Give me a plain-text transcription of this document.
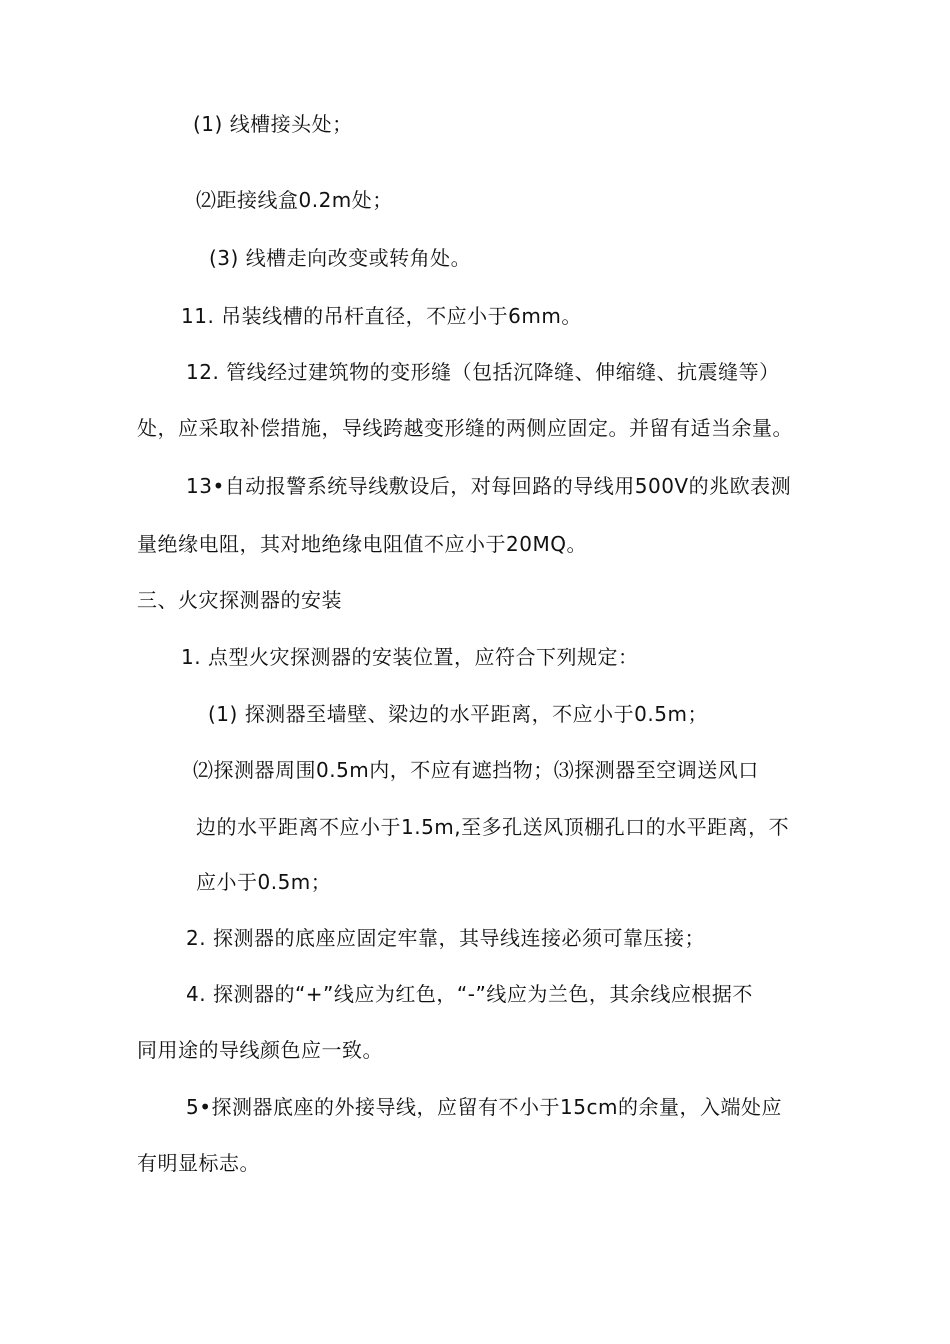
(1) 线槽接头处；
⑵距接线盒0.2m处；
(3) 线槽走向改变或转角处。
11. 吊装线槽的吊杆直径，不应小于6mm。
12. 管线经过建筑物的变形缝（包括沉降缝、伸缩缝、抗震缝等）
处，应采取补偿措施，导线跨越变形缝的两侧应固定。并留有适当余量。
13•自动报警系统导线敷设后，对每回路的导线用500V的兆欧表测
量绝缘电阻，其对地绝缘电阻值不应小于20MQ。
三、火灾探测器的安装
1. 点型火灾探测器的安装位置，应符合下列规定：
(1) 探测器至墙壁、梁边的水平距离，不应小于0.5m；
⑵探测器周围0.5m内，不应有遮挡物；⑶探测器至空调送风口
边的水平距离不应小于1.5m,至多孔送风顶棚孔口的水平距离，不
应小于0.5m；
2. 探测器的底座应固定牢靠，其导线连接必须可靠压接；
4. 探测器的“+”线应为红色，“-”线应为兰色，其余线应根据不
同用途的导线颜色应一致。
5•探测器底座的外接导线，应留有不小于15cm的余量，入端处应
有明显标志。
